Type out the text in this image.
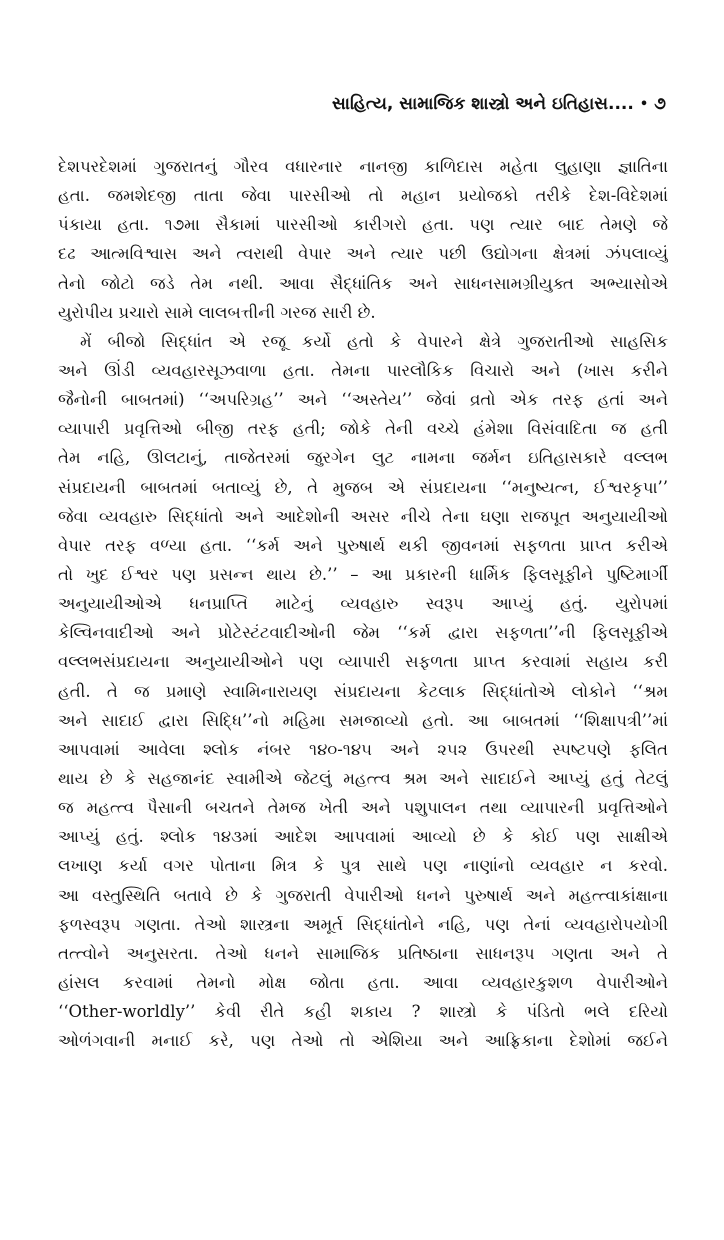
સાહિત્ય, સામાજિક શાસ્ત્રો અને ઇતિહાસ.... • ૭
દેશપરદેશમાં ગુજરાતનું ગૌરવ વધારનાર નાનજી કાળિદાસ મહેતા લુહાણા જ્ઞાતિના
હતા. જમશેદજી તાતા જેવા પારસીઓ તો મહાન પ્રયોજકો તરીકે દેશ-વિદેશમાં
પંકાયા હતા. ૧૭મા સૈકામાં પારસીઓ કારીગરો હતા. પણ ત્યાર બાદ તેમણે જે
દઢ આત્મવિશ્વાસ અને ત્વરાથી વેપાર અને ત્યાર પછી ઉદ્યોગના ક્ષેત્રમાં ઝંપલાવ્યું
તેનો જોટો જડે તેમ નથી. આવા સૈદ્ધાંતિક અને સાધનસામગ્રીયુક્ત અભ્યાસોએ
યુરોપીય પ્રચારો સામે લાલબત્તીની ગરજ સારી છે.
મેં બીજો સિદ્ધાંત એ રજૂ કર્યો હતો કે વેપારને ક્ષેત્રે ગુજરાતીઓ સાહસિક
અને ઊંડી વ્યવહારસૂઝવાળા હતા. તેમના પારલૌકિક વિચારો અને (ખાસ કરીને
જૈનોની બાબતમાં) ‘‘અપરિગ્રહ’’ અને ‘‘અસ્તેય’’ જેવાં વ્રતો એક તરફ હતાં અને
વ્યાપારી પ્રવૃત્તિઓ બીજી તરફ હતી; જોકે તેની વચ્ચે હંમેશા વિસંવાદિતા જ હતી
તેમ નહિ, ઊલટાનું, તાજેતરમાં જુરગેન લુટ નામના જર્મન ઇતિહાસકારે વલ્લભ
સંપ્રદાયની બાબતમાં બતાવ્યું છે, તે મુજબ એ સંપ્રદાયના ‘‘મનુષ્યત્ન, ઈશ્વરકૃપા’’
જેવા વ્યવહારુ સિદ્ધાંતો અને આદેશોની અસર નીચે તેના ઘણા રાજપૂત અનુયાયીઓ
વેપાર તરફ વળ્યા હતા. ‘‘કર્મ અને પુરુષાર્થ થકી જીવનમાં સફળતા પ્રાપ્ત કરીએ
તો ખુદ ઈશ્વર પણ પ્રસન્ન થાય છે.’’ – આ પ્રકારની ધાર્મિક ફિલસૂફીને પુષ્ટિમાર્ગી
અનુયાયીઓએ ધનપ્રાપ્તિ માટેનું વ્યવહારુ સ્વરૂપ આપ્યું હતું. યુરોપમાં
કેલ્વિનવાદીઓ અને પ્રોટેસ્ટંટવાદીઓની જેમ ‘‘કર્મ દ્વારા સફળતા’’ની ફિલસૂફીએ
વલ્લભસંપ્રદાયના અનુયાયીઓને પણ વ્યાપારી સફળતા પ્રાપ્ત કરવામાં સહાય કરી
હતી. તે જ પ્રમાણે સ્વામિનારાયણ સંપ્રદાયના કેટલાક સિદ્ધાંતોએ લોકોને ‘‘શ્રમ
અને સાદાઈ દ્વારા સિદ્ધિ’’નો મહિમા સમજાવ્યો હતો. આ બાબતમાં ‘‘શિક્ષાપત્રી’’માં
આપવામાં આવેલા શ્લોક નંબર ૧૪૦-૧૪૫ અને ૨૫૨ ઉપરથી સ્પષ્ટપણે ફલિત
થાય છે કે સહજાનંદ સ્વામીએ જેટલું મહત્ત્વ શ્રમ અને સાદાઈને આપ્યું હતું તેટલું
જ મહત્ત્વ પૈસાની બચતને તેમજ ખેતી અને પશુપાલન તથા વ્યાપારની પ્રવૃત્તિઓને
આપ્યું હતું. શ્લોક ૧૪૩માં આદેશ આપવામાં આવ્યો છે કે કોઈ પણ સાક્ષીએ
લખાણ કર્યા વગર પોતાના મિત્ર કે પુત્ર સાથે પણ નાણાંનો વ્યવહાર ન કરવો.
આ વસ્તુસ્થિતિ બતાવે છે કે ગુજરાતી વેપારીઓ ધનને પુરુષાર્થ અને મહત્ત્વાકાંક્ષાના
ફળસ્વરૂપ ગણતા. તેઓ શાસ્ત્રના અમૂર્ત સિદ્ધાંતોને નહિ, પણ તેનાં વ્યવહારોપયોગી
તત્ત્વોને અનુસરતા. તેઓ ધનને સામાજિક પ્રતિષ્ઠાના સાધનરૂપ ગણતા અને તે
હાંસલ કરવામાં તેમનો મોક્ષ જોતા હતા. આવા વ્યવહારકુશળ વેપારીઓને
‘‘Other-worldly’’ કેવી રીતે કહી શકાય ? શાસ્ત્રો કે પંડિતો ભલે દરિયો
ઓળંગવાની મનાઈ કરે, પણ તેઓ તો એશિયા અને આફ્રિકાના દેશોમાં જઈને
